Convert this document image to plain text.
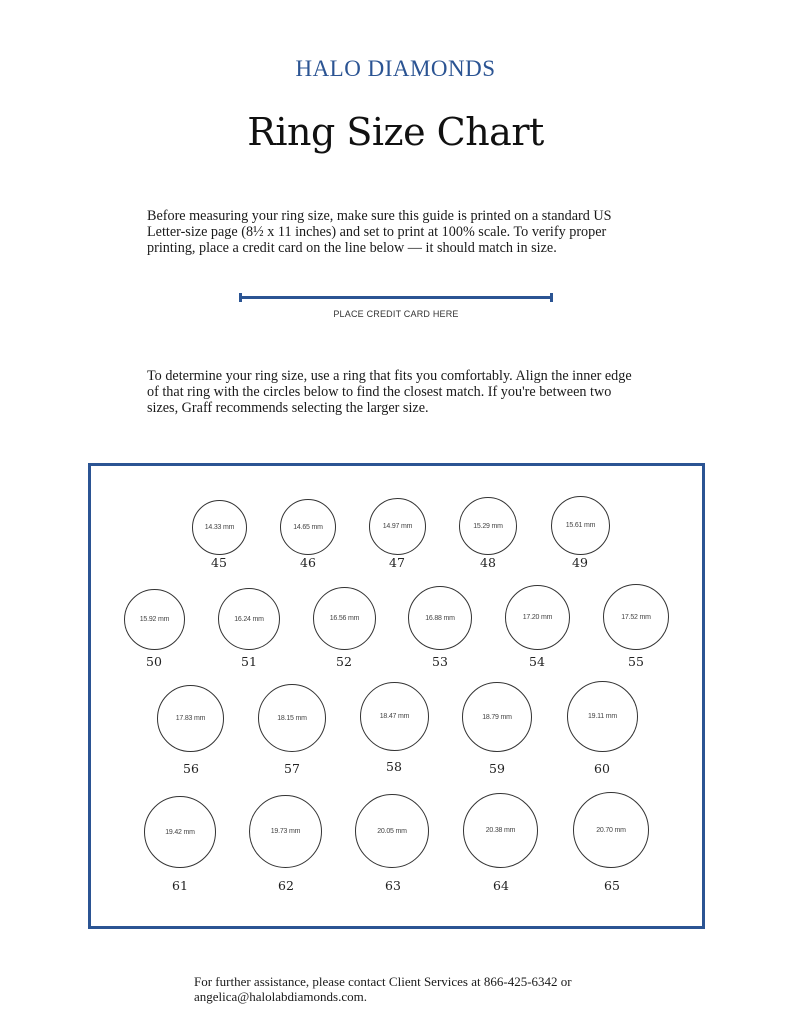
HALO DIAMONDS
Ring Size Chart
Before measuring your ring size, make sure this guide is printed on a standard US Letter-size page (8½ x 11 inches) and set to print at 100% scale. To verify proper printing, place a credit card on the line below — it should match in size.
PLACE CREDIT CARD HERE
To determine your ring size, use a ring that fits you comfortably. Align the inner edge of that ring with the circles below to find the closest match. If you're between two sizes, Graff recommends selecting the larger size.
14.33 mm
45
14.65 mm
46
14.97 mm
47
15.29 mm
48
15.61 mm
49
15.92 mm
50
16.24 mm
51
16.56 mm
52
16.88 mm
53
17.20 mm
54
17.52 mm
55
17.83 mm
56
18.15 mm
57
18.47 mm
58
18.79 mm
59
19.11 mm
60
19.42 mm
61
19.73 mm
62
20.05 mm
63
20.38 mm
64
20.70 mm
65
For further assistance, please contact Client Services at 866-425-6342 or
angelica@halolabdiamonds.com.
